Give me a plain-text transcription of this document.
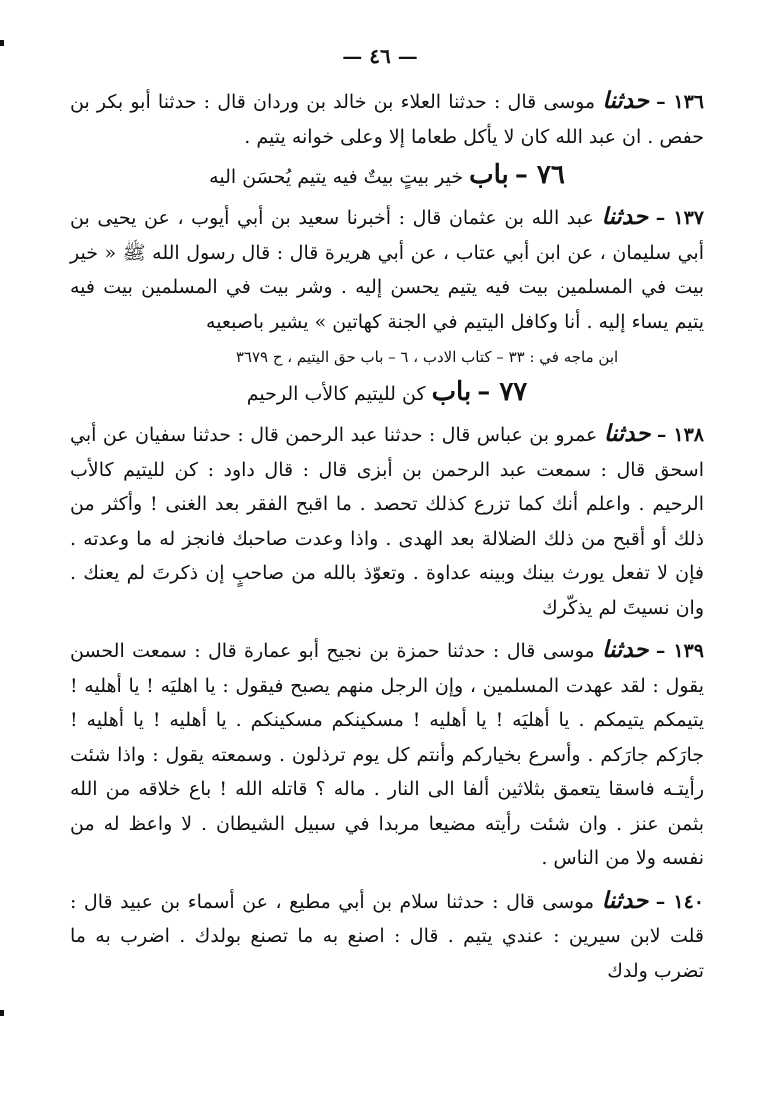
— ٤٦ —

١٣٦ – حدثنا موسى قال : حدثنا العلاء بن خالد بن وردان قال : حدثنا أبو بكر بن حفص . ان عبد الله كان لا يأكل طعاما إلا وعلى خوانه يتيم .

٧٦ – باب خير بيتٍ بيتٌ فيه يتيم يُحسَن اليه

١٣٧ – حدثنا عبد الله بن عثمان قال : أخبرنا سعيد بن أبي أيوب ، عن يحيى بن أبي سليمان ، عن ابن أبي عتاب ، عن أبي هريرة قال : قال رسول الله ﷺ « خير بيت في المسلمين بيت فيه يتيم يحسن إليه . وشر بيت في المسلمين بيت فيه يتيم يساء إليه . أنا وكافل اليتيم في الجنة كهاتين » يشير باصبعيه

ابن ماجه في : ٣٣ – كتاب الادب ، ٦ – باب حق اليتيم ، ح ٣٦٧٩

٧٧ – باب كن لليتيم كالأب الرحيم

١٣٨ – حدثنا عمرو بن عباس قال : حدثنا عبد الرحمن قال : حدثنا سفيان عن أبي اسحق قال : سمعت عبد الرحمن بن أبزى قال : قال داود : كن لليتيم كالأب الرحيم . واعلم أنك كما تزرع كذلك تحصد . ما اقبح الفقر بعد الغنى ! وأكثر من ذلك أو أقبح من ذلك الضلالة بعد الهدى . واذا وعدت صاحبك فانجز له ما وعدته . فإن لا تفعل يورث بينك وبينه عداوة . وتعوّذ بالله من صاحبٍ إن ذكرتَ لم يعنك . وان نسيتَ لم يذكّرك

١٣٩ – حدثنا موسى قال : حدثنا حمزة بن نجيح أبو عمارة قال : سمعت الحسن يقول : لقد عهدت المسلمين ، وإن الرجل منهم يصبح فيقول : يا اهليَه ! يا أهليه ! يتيمكم يتيمكم . يا أهليَه ! يا أهليه ! مسكينكم مسكينكم . يا أهليه ! يا أهليه ! جارَكم جارَكم . وأسرع بخياركم وأنتم كل يوم ترذلون . وسمعته يقول : واذا شئت رأيتـه فاسقا يتعمق بثلاثين ألفا الى النار . ماله ؟ قاتله الله ! باع خلاقه من الله بثمن عنز . وان شئت رأيته مضيعا مربدا في سبيل الشيطان . لا واعظ له من نفسه ولا من الناس .

١٤٠ – حدثنا موسى قال : حدثنا سلام بن أبي مطيع ، عن أسماء بن عبيد قال : قلت لابن سيرين : عندي يتيم . قال : اصنع به ما تصنع بولدك . اضرب به ما تضرب ولدك
